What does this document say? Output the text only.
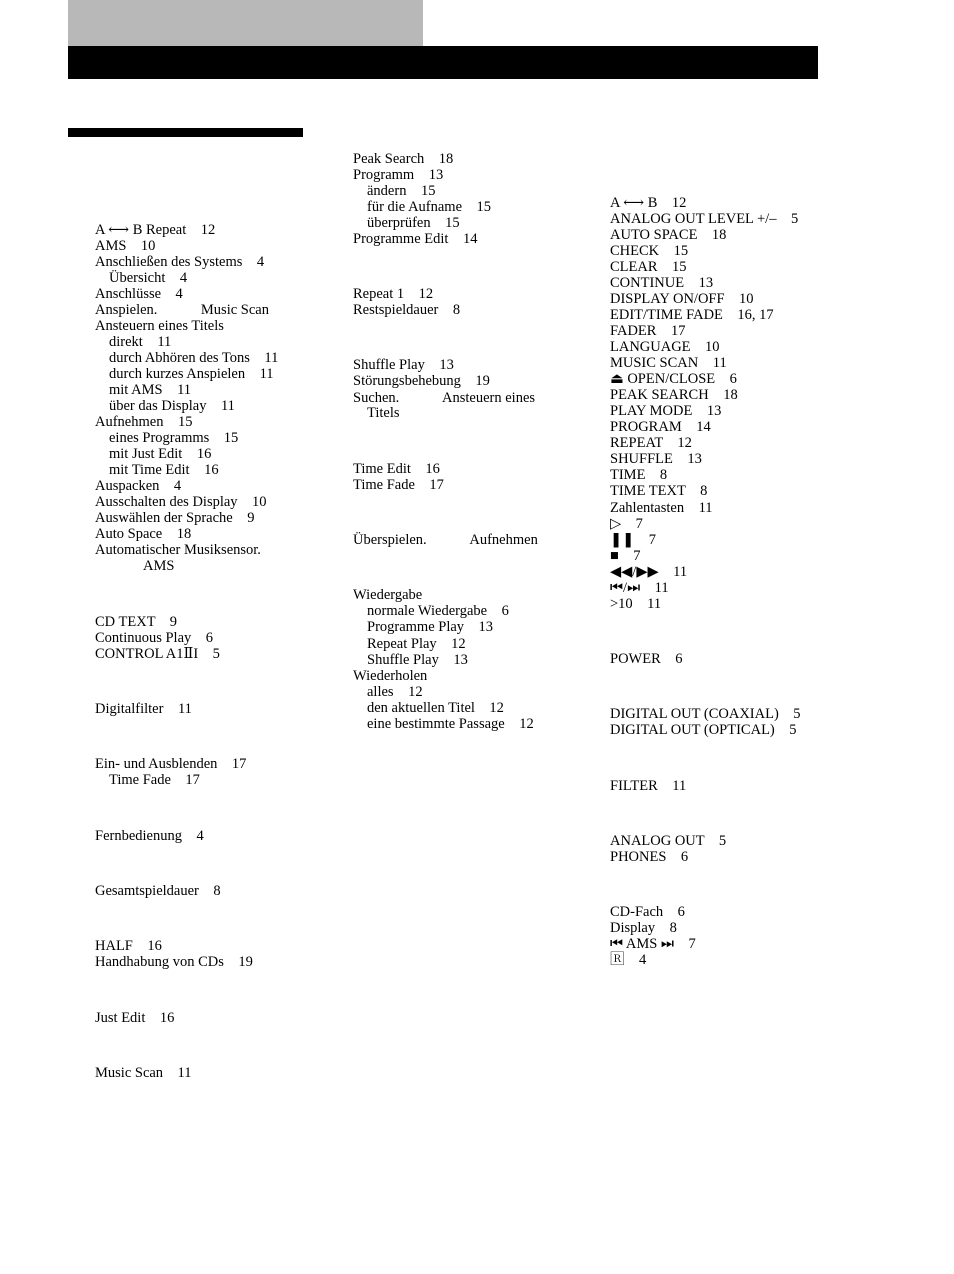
A ⟷ B Repeat    12
AMS    10
Anschließen des Systems    4
Übersicht    4
Anschlüsse    4
Anspielen.            Music Scan
Ansteuern eines Titels
direkt    11
durch Abhören des Tons    11
durch kurzes Anspielen    11
mit AMS    11
über das Display    11
Aufnehmen    15
eines Programms    15
mit Just Edit    16
mit Time Edit    16
Auspacken    4
Ausschalten des Display    10
Auswählen der Sprache    9
Auto Space    18
Automatischer Musiksensor.
AMS
CD TEXT    9
Continuous Play    6
CONTROL A1ⅡI    5
Digitalfilter    11
Ein- und Ausblenden    17
Time Fade    17
Fernbedienung    4
Gesamtspieldauer    8
HALF    16
Handhabung von CDs    19
Just Edit    16
Music Scan    11
Peak Search    18
Programm    13
ändern    15
für die Aufname    15
überprüfen    15
Programme Edit    14
Repeat 1    12
Restspieldauer    8
Shuffle Play    13
Störungsbehebung    19
Suchen.            Ansteuern eines
Titels
Time Edit    16
Time Fade    17
Überspielen.            Aufnehmen
Wiedergabe
normale Wiedergabe    6
Programme Play    13
Repeat Play    12
Shuffle Play    13
Wiederholen
alles    12
den aktuellen Titel    12
eine bestimmte Passage    12
A ⟷ B    12
ANALOG OUT LEVEL +/–    5
AUTO SPACE    18
CHECK    15
CLEAR    15
CONTINUE    13
DISPLAY ON/OFF    10
EDIT/TIME FADE    16, 17
FADER    17
LANGUAGE    10
MUSIC SCAN    11
⏏ OPEN/CLOSE    6
PEAK SEARCH    18
PLAY MODE    13
PROGRAM    14
REPEAT    12
SHUFFLE    13
TIME    8
TIME TEXT    8
Zahlentasten    11
▷    7
❚❚    7
■    7
◀◀/▶▶    11
⏮/⏭    11
>10    11
POWER    6
DIGITAL OUT (COAXIAL)    5
DIGITAL OUT (OPTICAL)    5
FILTER    11
ANALOG OUT    5
PHONES    6
CD-Fach    6
Display    8
⏮ AMS ⏭    7
🅁    4
